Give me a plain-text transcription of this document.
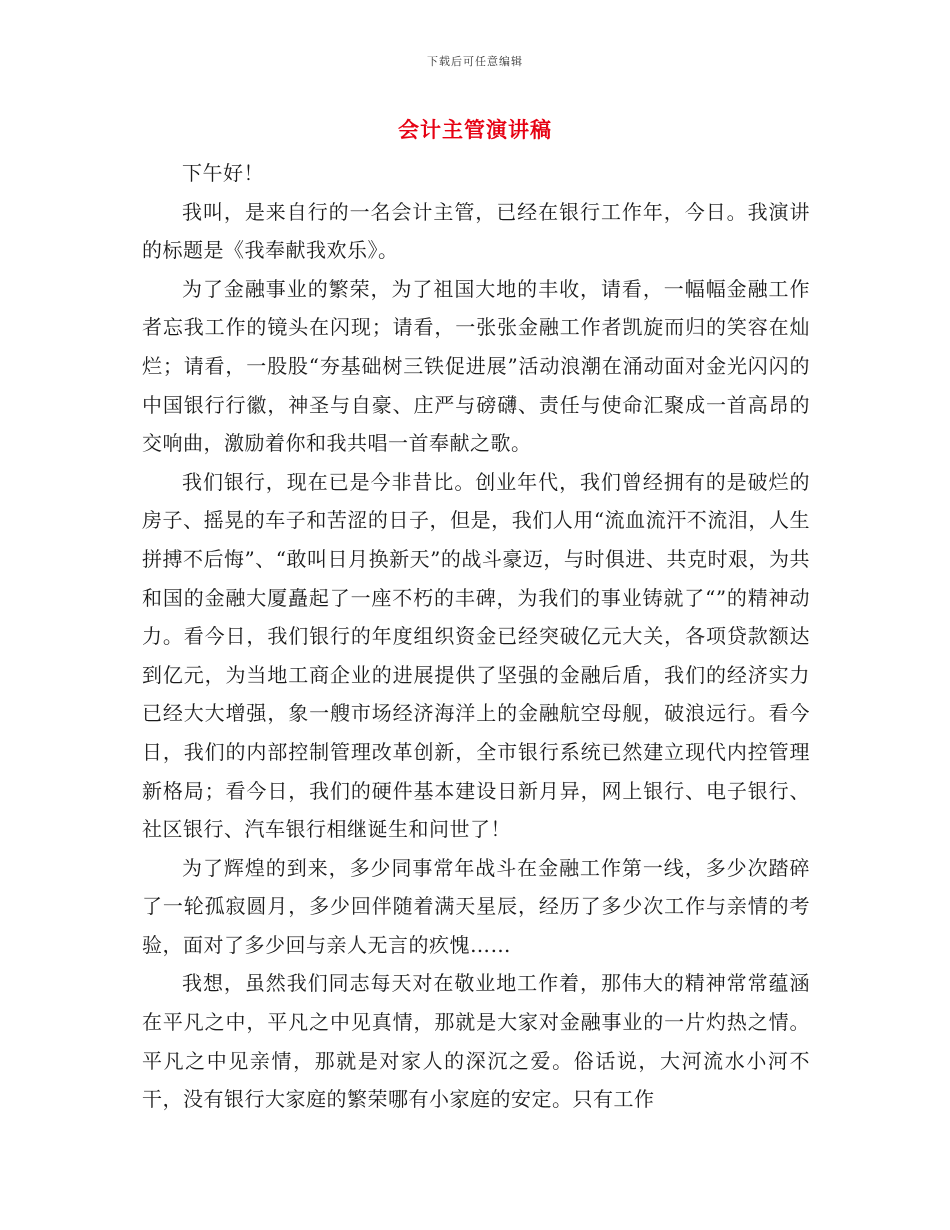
下载后可任意编辑
会计主管演讲稿

下午好！

我叫，是来自行的一名会计主管，已经在银行工作年，今日。我演讲的标题是《我奉献我欢乐》。

为了金融事业的繁荣，为了祖国大地的丰收，请看，一幅幅金融工作者忘我工作的镜头在闪现；请看，一张张金融工作者凯旋而归的笑容在灿烂；请看，一股股“夯基础树三铁促进展”活动浪潮在涌动面对金光闪闪的中国银行行徽，神圣与自豪、庄严与磅礴、责任与使命汇聚成一首高昂的交响曲，激励着你和我共唱一首奉献之歌。

我们银行，现在已是今非昔比。创业年代，我们曾经拥有的是破烂的房子、摇晃的车子和苦涩的日子，但是，我们人用“流血流汗不流泪，人生拼搏不后悔”、“敢叫日月换新天”的战斗豪迈，与时俱进、共克时艰，为共和国的金融大厦矗起了一座不朽的丰碑，为我们的事业铸就了“”的精神动力。看今日，我们银行的年度组织资金已经突破亿元大关，各项贷款额达到亿元，为当地工商企业的进展提供了坚强的金融后盾，我们的经济实力已经大大增强，象一艘市场经济海洋上的金融航空母舰，破浪远行。看今日，我们的内部控制管理改革创新，全市银行系统已然建立现代内控管理新格局；看今日，我们的硬件基本建设日新月异，网上银行、电子银行、社区银行、汽车银行相继诞生和问世了！

为了辉煌的到来，多少同事常年战斗在金融工作第一线，多少次踏碎了一轮孤寂圆月，多少回伴随着满天星辰，经历了多少次工作与亲情的考验，面对了多少回与亲人无言的疚愧……

我想，虽然我们同志每天对在敬业地工作着，那伟大的精神常常蕴涵在平凡之中，平凡之中见真情，那就是大家对金融事业的一片灼热之情。平凡之中见亲情，那就是对家人的深沉之爱。俗话说，大河流水小河不干，没有银行大家庭的繁荣哪有小家庭的安定。只有工作
